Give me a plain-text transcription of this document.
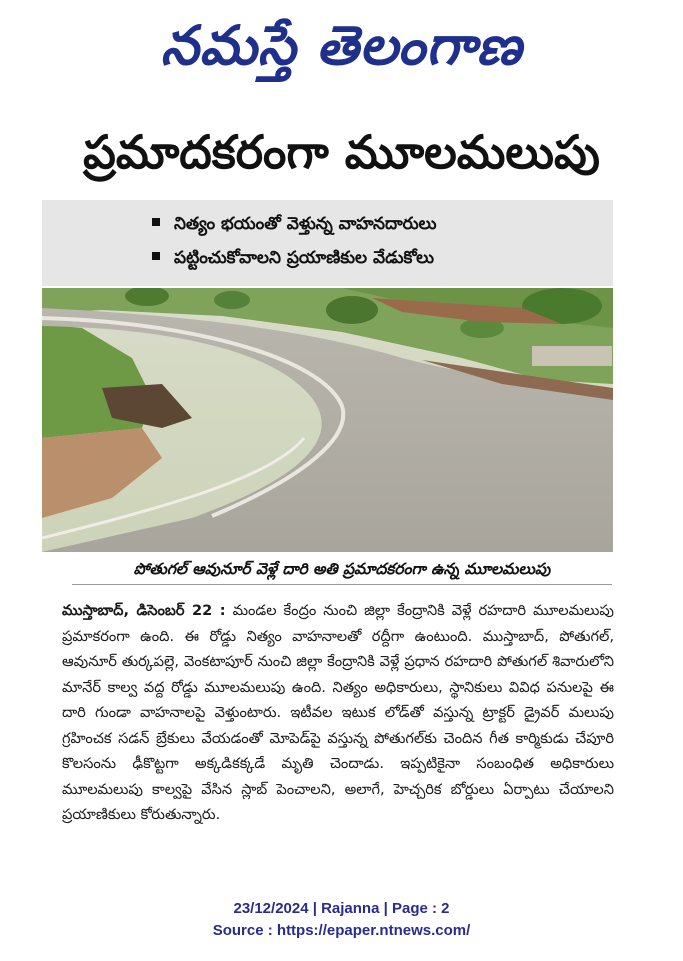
నమస్తే తెలంగాణ
ప్రమాదకరంగా మూలమలుపు
నిత్యం భయంతో వెళ్తున్న వాహనదారులు
పట్టించుకోవాలని ప్రయాణికుల వేడుకోలు
పోతుగల్ ఆవునూర్ వెళ్లే దారి అతి ప్రమాదకరంగా ఉన్న మూలమలుపు
ముస్తాబాద్, డిసెంబర్ 22 : మండల కేంద్రం నుంచి జిల్లా కేంద్రానికి వెళ్లే రహదారి మూలమలుపు ప్రమాకరంగా ఉంది. ఈ రోడ్డు నిత్యం వాహనాలతో రద్దీగా ఉంటుంది. ముస్తాబాద్, పోతుగల్, ఆవునూర్ తుర్కపల్లె, వెంకటాపూర్ నుంచి జిల్లా కేంద్రానికి వెళ్లే ప్రధాన రహదారి పోతుగల్ శివారులోని మానేర్ కాల్వ వద్ద రోడ్డు మూలమలుపు ఉంది. నిత్యం అధికారులు, స్థానికులు వివిధ పనులపై ఈ దారి గుండా వాహనాలపై వెళ్తుంటారు. ఇటీవల ఇటుక లోడ్‌తో వస్తున్న ట్రాక్టర్ డ్రైవర్ మలుపు గ్రహించక సడన్ బ్రేకులు వేయడంతో మోపెడ్‌పై వస్తున్న పోతుగల్‌కు చెందిన గీత కార్మికుడు చేపూరి కొలసంను ఢీకొట్టగా అక్కడికక్కడే మృతి చెందాడు. ఇప్పటికైనా సంబంధిత అధికారులు మూలమలుపు కాల్వపై వేసిన స్లాబ్ పెంచాలని, అలాగే, హెచ్చరిక బోర్డులు ఏర్పాటు చేయాలని ప్రయాణికులు కోరుతున్నారు.
23/12/2024 | Rajanna | Page : 2
Source : https://epaper.ntnews.com/
